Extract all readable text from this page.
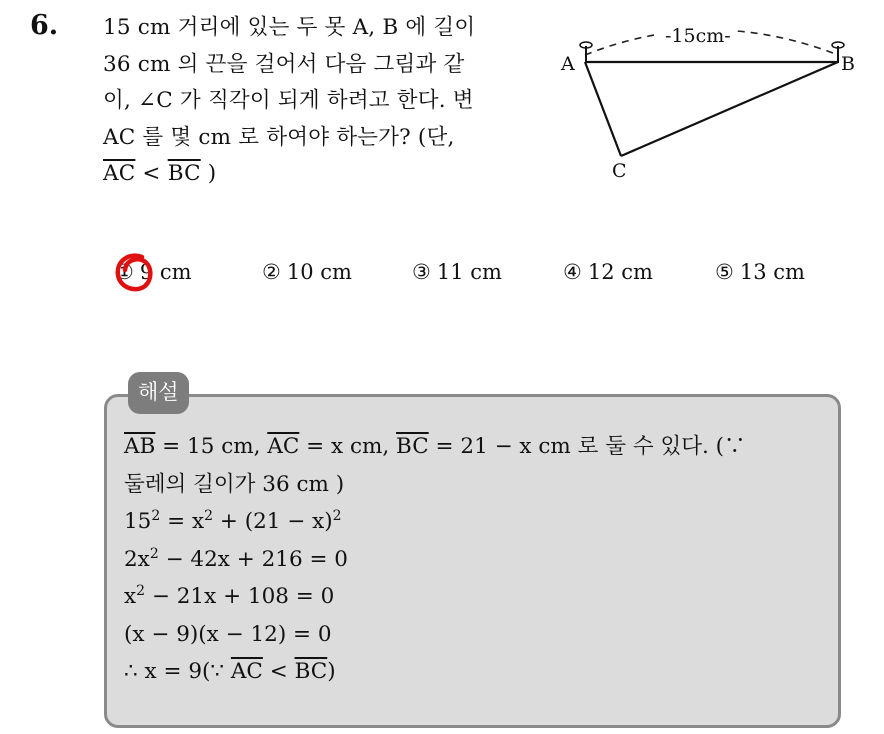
6. 15 cm 거리에 있는 두 못 A, B 에 길이
36 cm 의 끈을 걸어서 다음 그림과 같
이, ∠C 가 직각이 되게 하려고 한다. 변
AC 를 몇 cm 로 하여야 하는가? (단,
$\overline{AC} < \overline{BC}$ )
-15cm-
A	B
C
① 9 cm	② 10 cm	③ 11 cm	④ 12 cm	⑤ 13 cm
해설
$\overline{AB} = 15$ cm, $\overline{AC} = x$ cm, $\overline{BC} = 21 - x$ cm 로 둘 수 있다. (∵
둘레의 길이가 36 cm )
$15^2 = x^2 + (21 - x)^2$
$2x^2 - 42x + 216 = 0$
$x^2 - 21x + 108 = 0$
(x − 9)(x − 12) = 0
∴ x = 9(∵ $\overline{AC} < \overline{BC}$)
